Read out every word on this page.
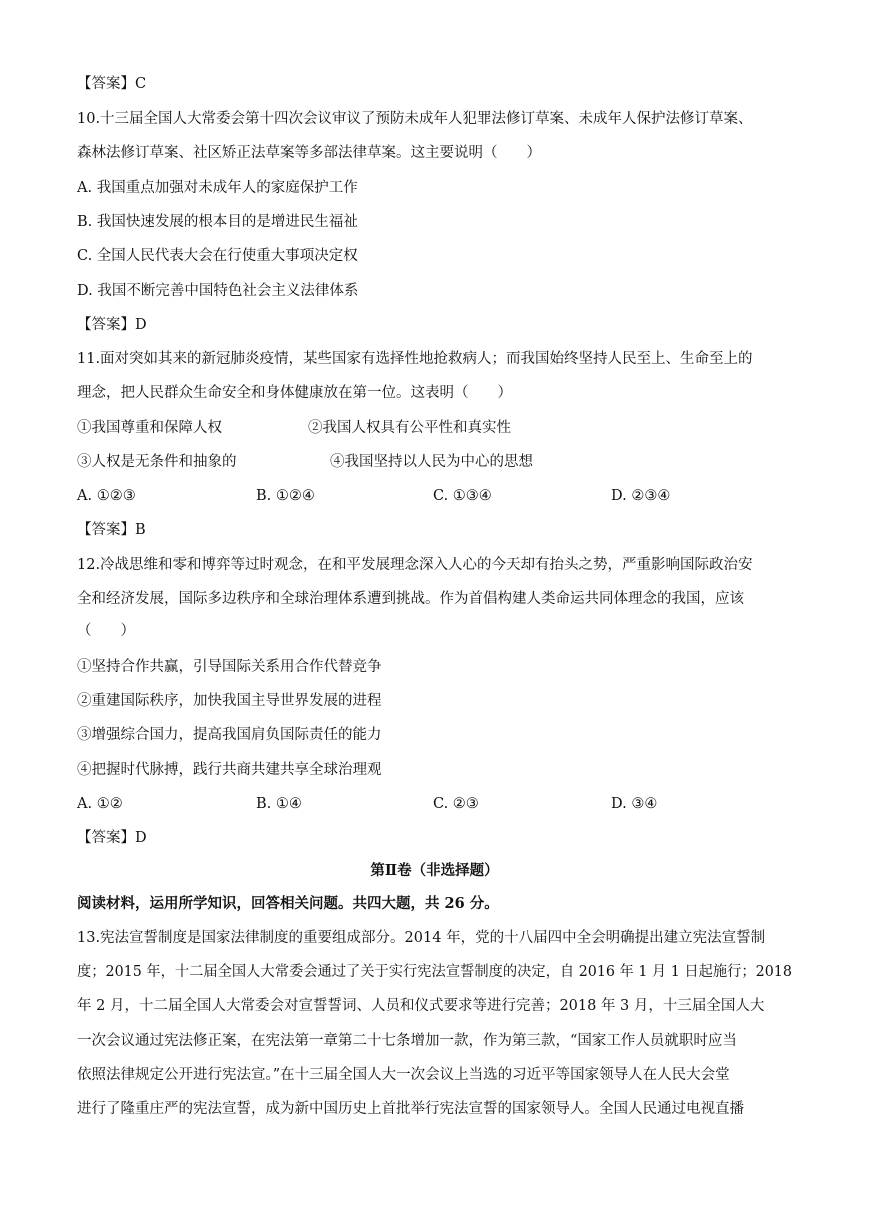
【答案】C
10.十三届全国人大常委会第十四次会议审议了预防未成年人犯罪法修订草案、未成年人保护法修订草案、
森林法修订草案、社区矫正法草案等多部法律草案。这主要说明（　　）
A. 我国重点加强对未成年人的家庭保护工作
B. 我国快速发展的根本目的是增进民生福祉
C. 全国人民代表大会在行使重大事项决定权
D. 我国不断完善中国特色社会主义法律体系
【答案】D
11.面对突如其来的新冠肺炎疫情，某些国家有选择性地抢救病人；而我国始终坚持人民至上、生命至上的
理念，把人民群众生命安全和身体健康放在第一位。这表明（　　）
①我国尊重和保障人权	②我国人权具有公平性和真实性
③人权是无条件和抽象的	④我国坚持以人民为中心的思想
A. ①②③	B. ①②④	C. ①③④	D. ②③④
【答案】B
12.冷战思维和零和博弈等过时观念，在和平发展理念深入人心的今天却有抬头之势，严重影响国际政治安
全和经济发展，国际多边秩序和全球治理体系遭到挑战。作为首倡构建人类命运共同体理念的我国，应该
（　　）
①坚持合作共赢，引导国际关系用合作代替竞争
②重建国际秩序，加快我国主导世界发展的进程
③增强综合国力，提高我国肩负国际责任的能力
④把握时代脉搏，践行共商共建共享全球治理观
A. ①②	B. ①④	C. ②③	D. ③④
【答案】D
第Ⅱ卷（非选择题）
阅读材料，运用所学知识，回答相关问题。共四大题，共 26 分。
13.宪法宣誓制度是国家法律制度的重要组成部分。2014 年，党的十八届四中全会明确提出建立宪法宣誓制
度；2015 年，十二届全国人大常委会通过了关于实行宪法宣誓制度的决定，自 2016 年 1 月 1 日起施行；2018
年 2 月，十二届全国人大常委会对宣誓誓词、人员和仪式要求等进行完善；2018 年 3 月，十三届全国人大
一次会议通过宪法修正案，在宪法第一章第二十七条增加一款，作为第三款，“国家工作人员就职时应当
依照法律规定公开进行宪法宣。”在十三届全国人大一次会议上当选的习近平等国家领导人在人民大会堂
进行了隆重庄严的宪法宣誓，成为新中国历史上首批举行宪法宣誓的国家领导人。全国人民通过电视直播
